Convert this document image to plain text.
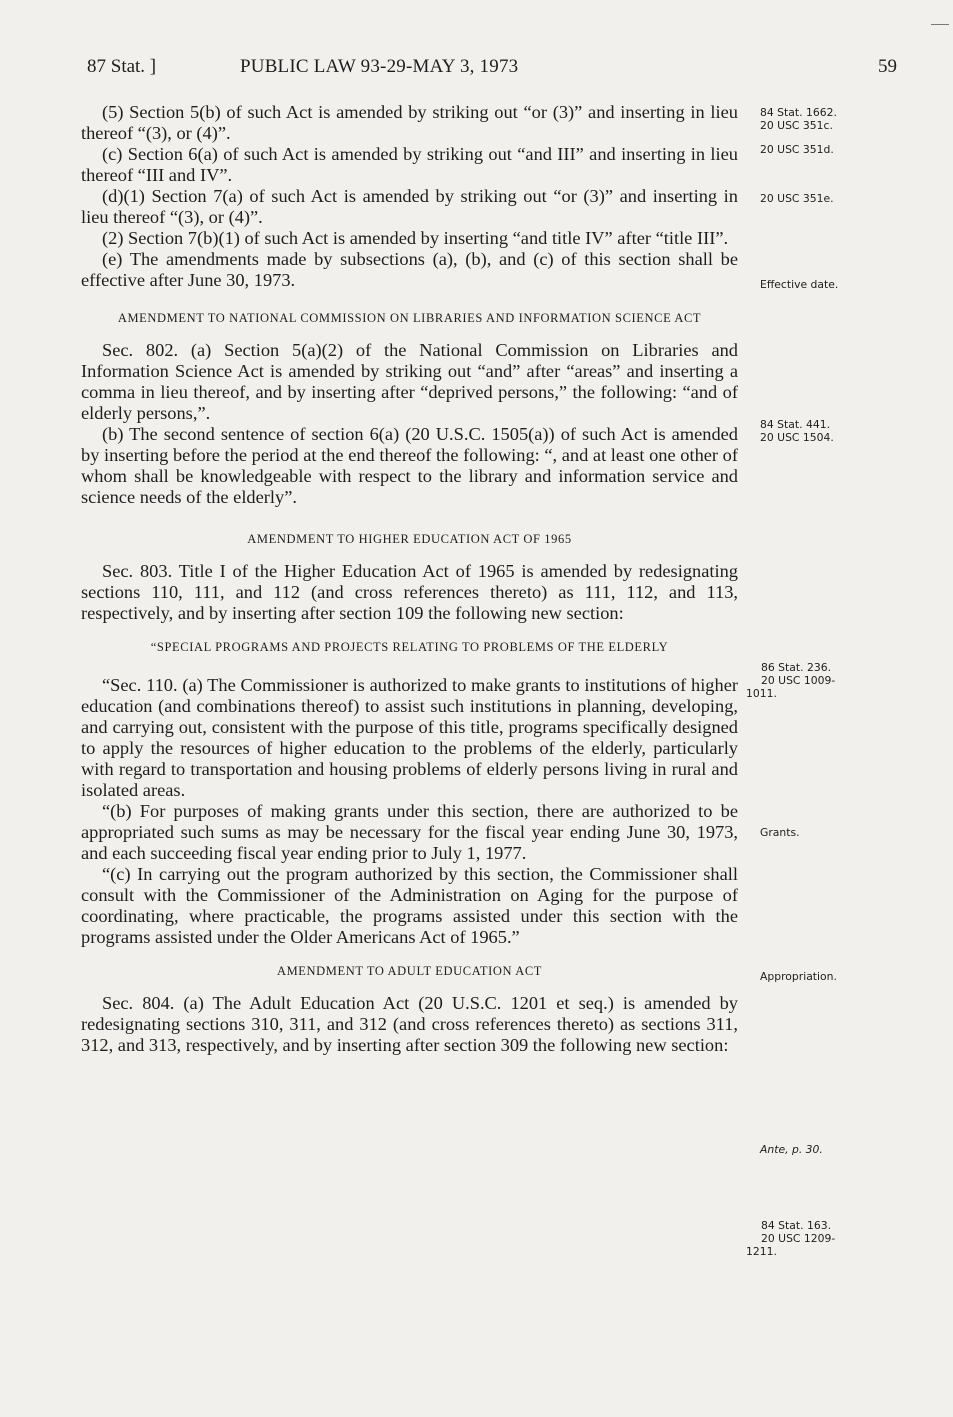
87 Stat. ]	PUBLIC LAW 93-29-MAY 3, 1973	59

(5) Section 5(b) of such Act is amended by striking out “or (3)” and inserting in lieu thereof “(3), or (4)”.

(c) Section 6(a) of such Act is amended by striking out “and III” and inserting in lieu thereof “III and IV”.

(d)(1) Section 7(a) of such Act is amended by striking out “or (3)” and inserting in lieu thereof “(3), or (4)”.

(2) Section 7(b)(1) of such Act is amended by inserting “and title IV” after “title III”.

(e) The amendments made by subsections (a), (b), and (c) of this section shall be effective after June 30, 1973.

AMENDMENT TO NATIONAL COMMISSION ON LIBRARIES AND INFORMATION SCIENCE ACT

Sec. 802. (a) Section 5(a)(2) of the National Commission on Libraries and Information Science Act is amended by striking out “and” after “areas” and inserting a comma in lieu thereof, and by inserting after “deprived persons,” the following: “and of elderly persons,”.

(b) The second sentence of section 6(a) (20 U.S.C. 1505(a)) of such Act is amended by inserting before the period at the end thereof the following: “, and at least one other of whom shall be knowledgeable with respect to the library and information service and science needs of the elderly”.

AMENDMENT TO HIGHER EDUCATION ACT OF 1965

Sec. 803. Title I of the Higher Education Act of 1965 is amended by redesignating sections 110, 111, and 112 (and cross references thereto) as 111, 112, and 113, respectively, and by inserting after section 109 the following new section:

“SPECIAL PROGRAMS AND PROJECTS RELATING TO PROBLEMS OF THE ELDERLY

“Sec. 110. (a) The Commissioner is authorized to make grants to institutions of higher education (and combinations thereof) to assist such institutions in planning, developing, and carrying out, consistent with the purpose of this title, programs specifically designed to apply the resources of higher education to the problems of the elderly, particularly with regard to transportation and housing problems of elderly persons living in rural and isolated areas.

“(b) For purposes of making grants under this section, there are authorized to be appropriated such sums as may be necessary for the fiscal year ending June 30, 1973, and each succeeding fiscal year ending prior to July 1, 1977.

“(c) In carrying out the program authorized by this section, the Commissioner shall consult with the Commissioner of the Administration on Aging for the purpose of coordinating, where practicable, the programs assisted under this section with the programs assisted under the Older Americans Act of 1965.”

AMENDMENT TO ADULT EDUCATION ACT

Sec. 804. (a) The Adult Education Act (20 U.S.C. 1201 et seq.) is amended by redesignating sections 310, 311, and 312 (and cross references thereto) as sections 311, 312, and 313, respectively, and by inserting after section 309 the following new section:

84 Stat. 1662.
20 USC 351c.
20 USC 351d.
20 USC 351e.
Effective date.
84 Stat. 441.
20 USC 1504.
86 Stat. 236.
20 USC 1009-
1011.
Grants.
Appropriation.
Ante, p. 30.
84 Stat. 163.
20 USC 1209-
1211.
